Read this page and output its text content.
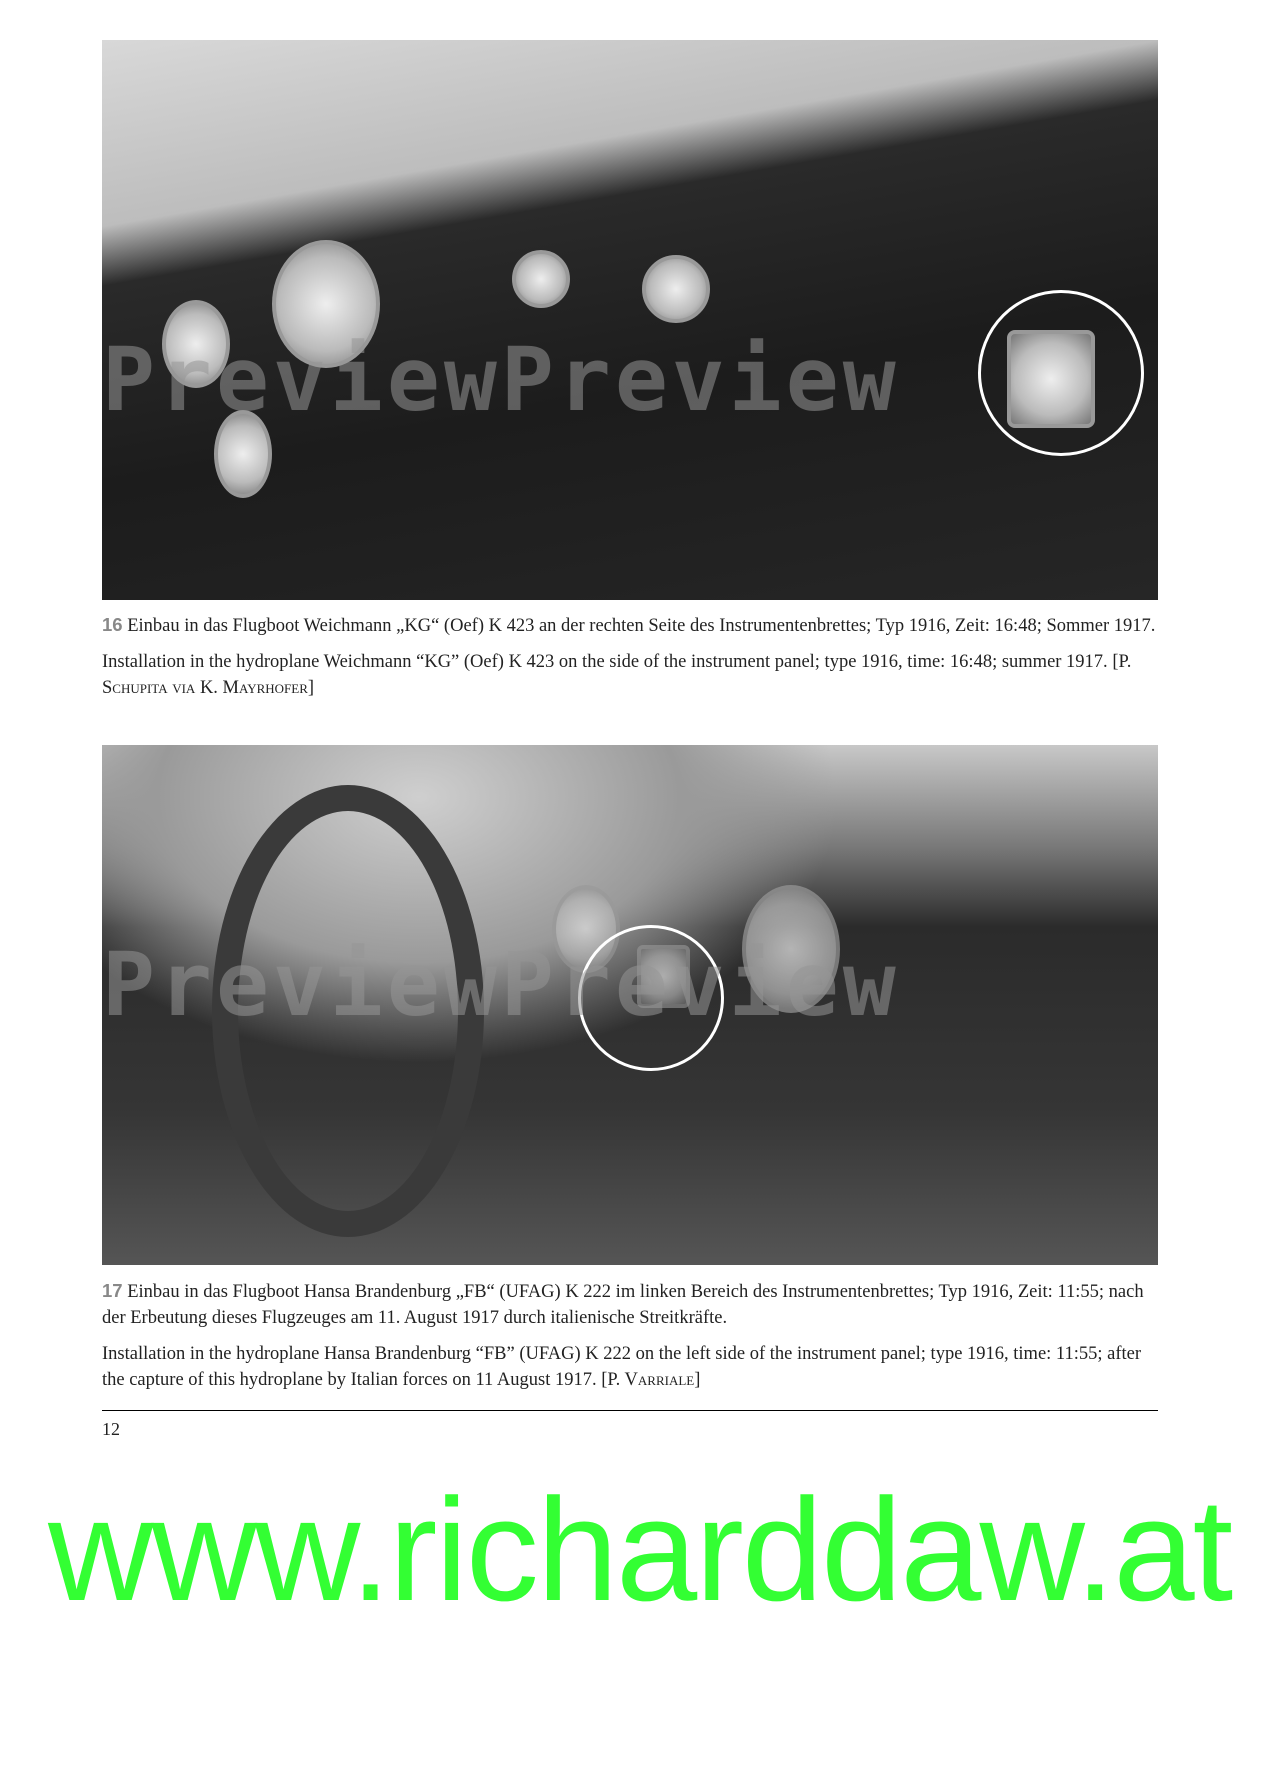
PreviewPreview

16 Einbau in das Flugboot Weichmann „KG“ (Oef) K 423 an der rechten Seite des Instrumentenbrettes; Typ 1916, Zeit: 16:48; Sommer 1917.

Installation in the hydroplane Weichmann “KG” (Oef) K 423 on the side of the instrument panel; type 1916, time: 16:48; summer 1917. [P. Schupita via K. Mayrhofer]

PreviewPreview

17 Einbau in das Flugboot Hansa Brandenburg „FB“ (UFAG) K 222 im linken Bereich des Instrumentenbrettes; Typ 1916, Zeit: 11:55; nach der Erbeutung dieses Flugzeuges am 11. August 1917 durch italienische Streitkräfte.

Installation in the hydroplane Hansa Brandenburg “FB” (UFAG) K 222 on the left side of the instrument panel; type 1916, time: 11:55; after the capture of this hydroplane by Italian forces on 11 August 1917. [P. Varriale]

12
www.richarddaw.at
